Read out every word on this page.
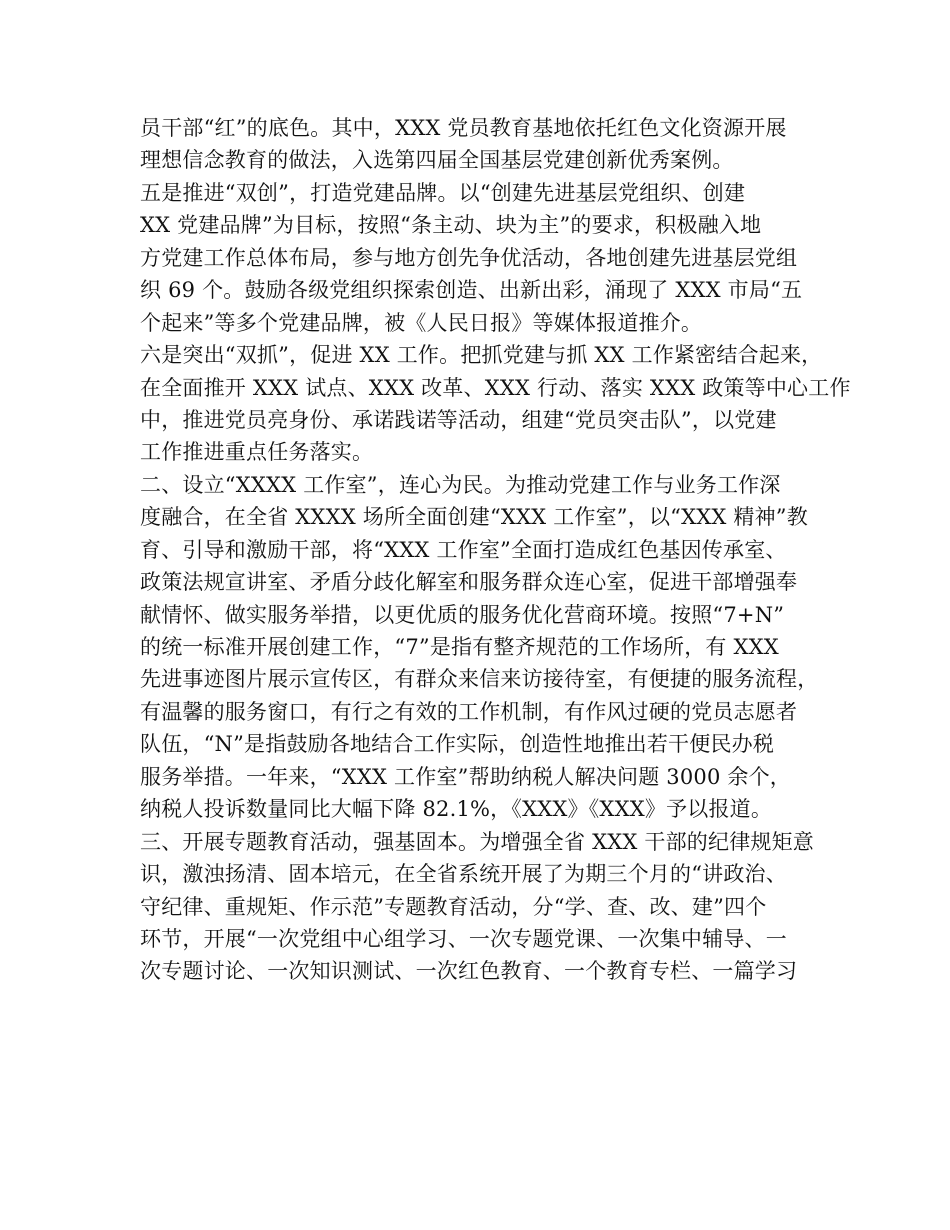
员干部“红”的底色。其中，XXX 党员教育基地依托红色文化资源开展
理想信念教育的做法，入选第四届全国基层党建创新优秀案例。
五是推进“双创”，打造党建品牌。以“创建先进基层党组织、创建
XX 党建品牌”为目标，按照“条主动、块为主”的要求，积极融入地
方党建工作总体布局，参与地方创先争优活动，各地创建先进基层党组
织 69 个。鼓励各级党组织探索创造、出新出彩，涌现了 XXX 市局“五
个起来”等多个党建品牌，被《人民日报》等媒体报道推介。
六是突出“双抓”，促进 XX 工作。把抓党建与抓 XX 工作紧密结合起来，
在全面推开 XXX 试点、XXX 改革、XXX 行动、落实 XXX 政策等中心工作
中，推进党员亮身份、承诺践诺等活动，组建“党员突击队”，以党建
工作推进重点任务落实。
二、设立“XXXX 工作室”，连心为民。为推动党建工作与业务工作深
度融合，在全省 XXXX 场所全面创建“XXX 工作室”，以“XXX 精神”教
育、引导和激励干部，将“XXX 工作室”全面打造成红色基因传承室、
政策法规宣讲室、矛盾分歧化解室和服务群众连心室，促进干部增强奉
献情怀、做实服务举措，以更优质的服务优化营商环境。按照“7+N”
的统一标准开展创建工作，“7”是指有整齐规范的工作场所，有 XXX
先进事迹图片展示宣传区，有群众来信来访接待室，有便捷的服务流程，
有温馨的服务窗口，有行之有效的工作机制，有作风过硬的党员志愿者
队伍，“N”是指鼓励各地结合工作实际，创造性地推出若干便民办税
服务举措。一年来，“XXX 工作室”帮助纳税人解决问题 3000 余个，
纳税人投诉数量同比大幅下降 82.1%，《XXX》《XXX》予以报道。
三、开展专题教育活动，强基固本。为增强全省 XXX 干部的纪律规矩意
识，激浊扬清、固本培元，在全省系统开展了为期三个月的“讲政治、
守纪律、重规矩、作示范”专题教育活动，分“学、查、改、建”四个
环节，开展“一次党组中心组学习、一次专题党课、一次集中辅导、一
次专题讨论、一次知识测试、一次红色教育、一个教育专栏、一篇学习
